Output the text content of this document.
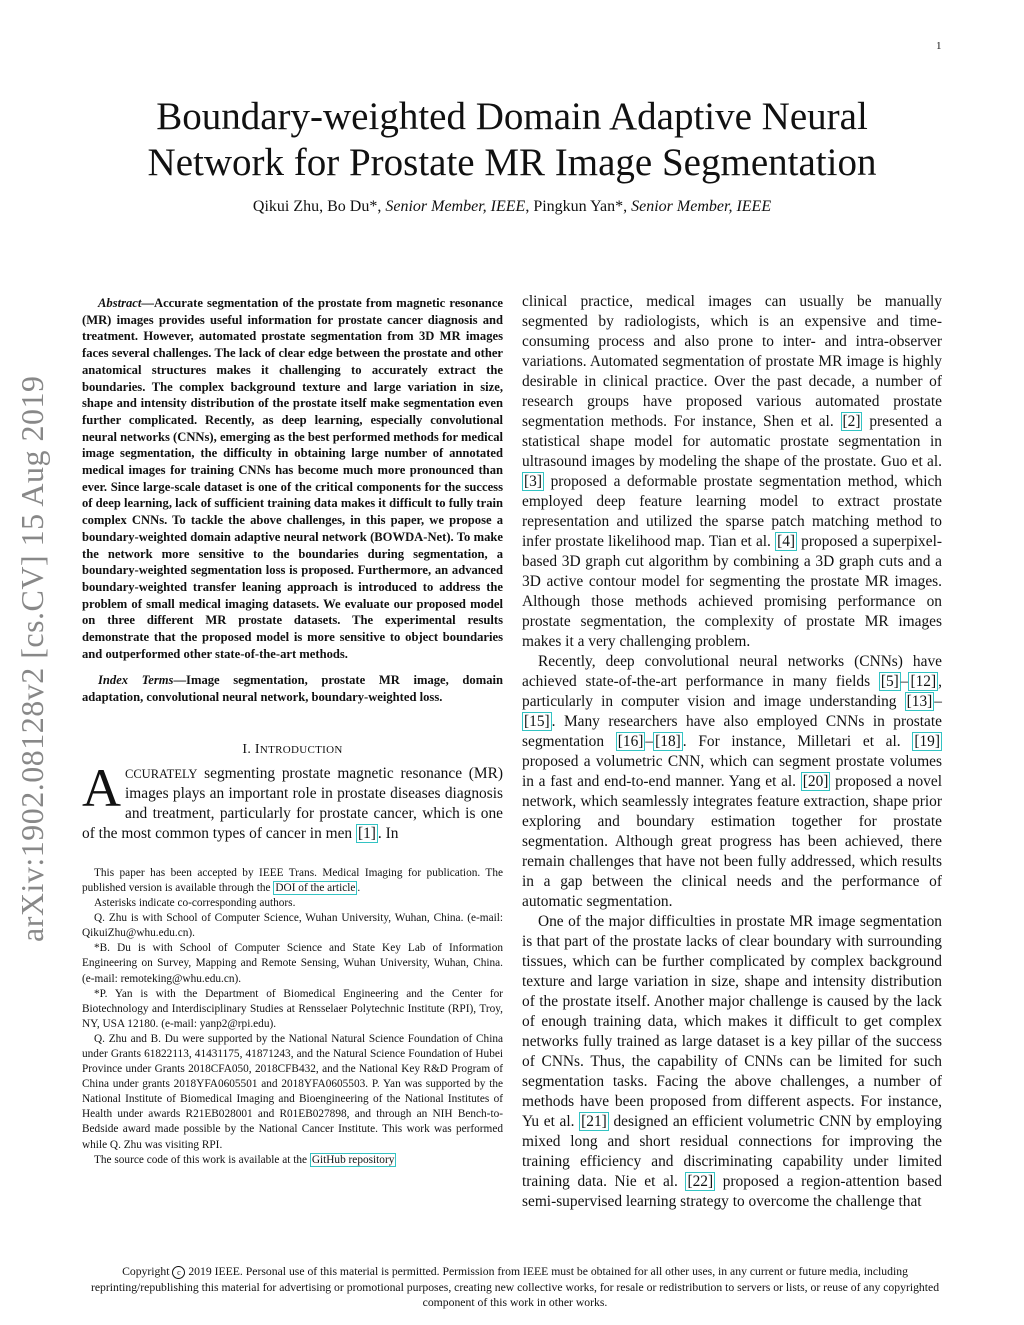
1
arXiv:1902.08128v2 [cs.CV] 15 Aug 2019
Boundary-weighted Domain Adaptive Neural
Network for Prostate MR Image Segmentation

Qikui Zhu, Bo Du*, Senior Member, IEEE, Pingkun Yan*, Senior Member, IEEE

Abstract—Accurate segmentation of the prostate from magnetic resonance (MR) images provides useful information for prostate cancer diagnosis and treatment. However, automated prostate segmentation from 3D MR images faces several challenges. The lack of clear edge between the prostate and other anatomical structures makes it challenging to accurately extract the boundaries. The complex background texture and large variation in size, shape and intensity distribution of the prostate itself make segmentation even further complicated. Recently, as deep learning, especially convolutional neural networks (CNNs), emerging as the best performed methods for medical image segmentation, the difficulty in obtaining large number of annotated medical images for training CNNs has become much more pronounced than ever. Since large-scale dataset is one of the critical components for the success of deep learning, lack of sufficient training data makes it difficult to fully train complex CNNs. To tackle the above challenges, in this paper, we propose a boundary-weighted domain adaptive neural network (BOWDA-Net). To make the network more sensitive to the boundaries during segmentation, a boundary-weighted segmentation loss is proposed. Furthermore, an advanced boundary-weighted transfer leaning approach is introduced to address the problem of small medical imaging datasets. We evaluate our proposed model on three different MR prostate datasets. The experimental results demonstrate that the proposed model is more sensitive to object boundaries and outperformed other state-of-the-art methods.

Index Terms—Image segmentation, prostate MR image, domain adaptation, convolutional neural network, boundary-weighted loss.

I. INTRODUCTION

ACCURATELY segmenting prostate magnetic resonance (MR) images plays an important role in prostate diseases diagnosis and treatment, particularly for prostate cancer, which is one of the most common types of cancer in men [1] . In

This paper has been accepted by IEEE Trans. Medical Imaging for publication. The published version is available through the DOI of the article .

Asterisks indicate co-corresponding authors.

Q. Zhu is with School of Computer Science, Wuhan University, Wuhan, China. (e-mail: QikuiZhu@whu.edu.cn).

*B. Du is with School of Computer Science and State Key Lab of Information Engineering on Survey, Mapping and Remote Sensing, Wuhan University, Wuhan, China. (e-mail: remoteking@whu.edu.cn).

*P. Yan is with the Department of Biomedical Engineering and the Center for Biotechnology and Interdisciplinary Studies at Rensselaer Polytechnic Institute (RPI), Troy, NY, USA 12180. (e-mail: yanp2@rpi.edu).

Q. Zhu and B. Du were supported by the National Natural Science Foundation of China under Grants 61822113, 41431175, 41871243, and the Natural Science Foundation of Hubei Province under Grants 2018CFA050, 2018CFB432, and the National Key R&D Program of China under grants 2018YFA0605501 and 2018YFA0605503. P. Yan was supported by the National Institute of Biomedical Imaging and Bioengineering of the National Institutes of Health under awards R21EB028001 and R01EB027898, and through an NIH Bench-to-Bedside award made possible by the National Cancer Institute. This work was performed while Q. Zhu was visiting RPI.

The source code of this work is available at the GitHub repository

clinical practice, medical images can usually be manually segmented by radiologists, which is an expensive and time-consuming process and also prone to inter- and intra-observer variations. Automated segmentation of prostate MR image is highly desirable in clinical practice. Over the past decade, a number of research groups have proposed various automated prostate segmentation methods. For instance, Shen et al. [2] presented a statistical shape model for automatic prostate segmentation in ultrasound images by modeling the shape of the prostate. Guo et al. [3] proposed a deformable prostate segmentation method, which employed deep feature learning model to extract prostate representation and utilized the sparse patch matching method to infer prostate likelihood map. Tian et al. [4] proposed a superpixel-based 3D graph cut algorithm by combining a 3D graph cuts and a 3D active contour model for segmenting the prostate MR images. Although those methods achieved promising performance on prostate segmentation, the complexity of prostate MR images makes it a very challenging problem.

Recently, deep convolutional neural networks (CNNs) have achieved state-of-the-art performance in many fields [5] – [12] , particularly in computer vision and image understanding [13] –[15] . Many researchers have also employed CNNs in prostate segmentation [16] – [18] . For instance, Milletari et al. [19] proposed a volumetric CNN, which can segment prostate volumes in a fast and end-to-end manner. Yang et al. [20] proposed a novel network, which seamlessly integrates feature extraction, shape prior exploring and boundary estimation together for prostate segmentation. Although great progress has been achieved, there remain challenges that have not been fully addressed, which results in a gap between the clinical needs and the performance of automatic segmentation.

One of the major difficulties in prostate MR image segmentation is that part of the prostate lacks of clear boundary with surrounding tissues, which can be further complicated by complex background texture and large variation in size, shape and intensity distribution of the prostate itself. Another major challenge is caused by the lack of enough training data, which makes it difficult to get complex networks fully trained as large dataset is a key pillar of the success of CNNs. Thus, the capability of CNNs can be limited for such segmentation tasks. Facing the above challenges, a number of methods have been proposed from different aspects. For instance, Yu et al. [21] designed an efficient volumetric CNN by employing mixed long and short residual connections for improving the training efficiency and discriminating capability under limited training data. Nie et al. [22] proposed a region-attention based semi-supervised learning strategy to overcome the challenge that

Copyright c 2019 IEEE. Personal use of this material is permitted. Permission from IEEE must be obtained for all other uses, in any current or future media, including reprinting/republishing this material for advertising or promotional purposes, creating new collective works, for resale or redistribution to servers or lists, or reuse of any copyrighted component of this work in other works.
